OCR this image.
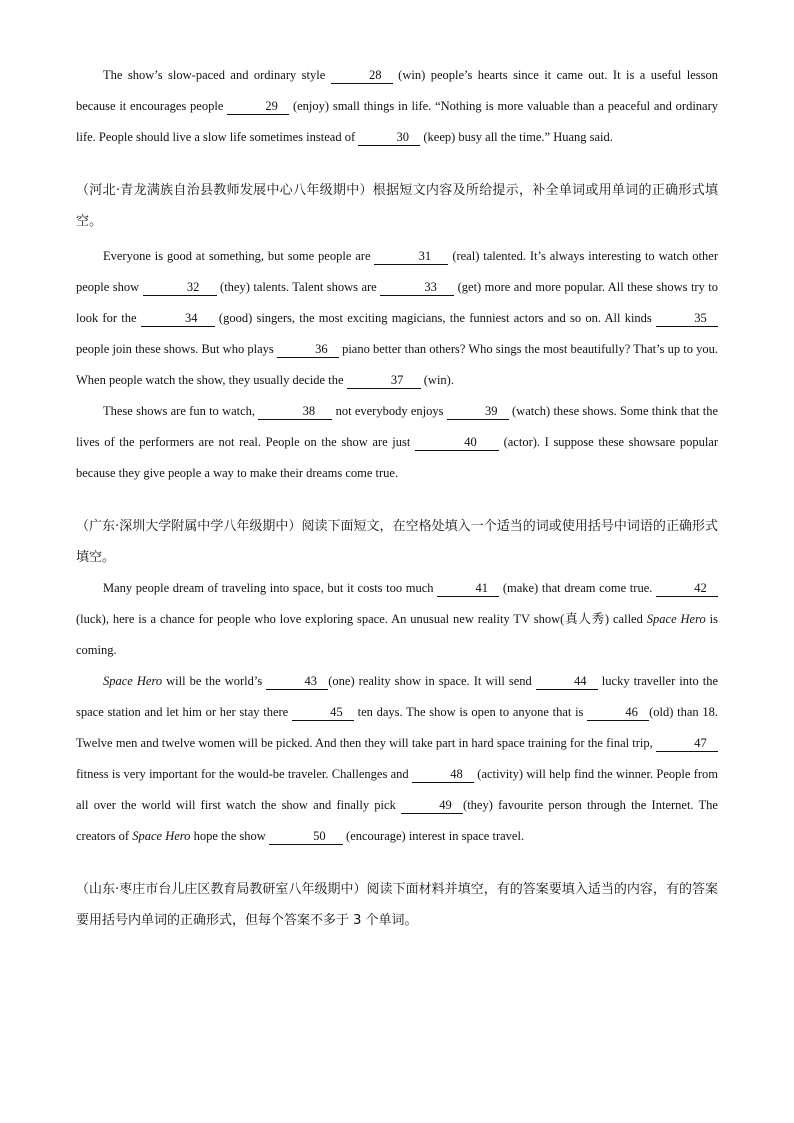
The show’s slow-paced and ordinary style	28 (win) people’s hearts since it came out. It is a useful lesson because it encourages people	29 (enjoy) small things in life. “Nothing is more valuable than a peaceful and ordinary life. People should live a slow life sometimes instead of	30 (keep) busy all the time.” Huang said.

（河北·青龙满族自治县教师发展中心八年级期中）根据短文内容及所给提示，补全单词或用单词的正确形式填空。

Everyone is good at something, but some people are	31 (real) talented. It’s always interesting to watch other people show	32 (they) talents. Talent shows are	33 (get) more and more popular. All these shows try to look for the	34 (good) singers, the most exciting magicians, the funniest actors and so on. All kinds	35 people join these shows. But who plays	36 piano better than others? Who sings the most beautifully? That’s up to you. When people watch the show, they usually decide the	37 (win).

These shows are fun to watch,	38 not everybody enjoys	39 (watch) these shows. Some think that the lives of the performers are not real. People on the show are just	40 (actor). I suppose these showsare popular because they give people a way to make their dreams come true.

（广东·深圳大学附属中学八年级期中）阅读下面短文，在空格处填入一个适当的词或使用括号中词语的正确形式填空。

Many people dream of traveling into space, but it costs too much	41 (make) that dream come true.	42(luck), here is a chance for people who love exploring space. An unusual new reality TV show(真人秀) called Space Hero is coming.

Space Hero will be the world’s	43 (one) reality show in space. It will send	44 lucky traveller into the space station and let him or her stay there	45 ten days. The show is open to anyone that is	46 (old) than 18. Twelve men and twelve women will be picked. And then they will take part in hard space training for the final trip,	47 fitness is very important for the would-be traveler. Challenges and	48 (activity) will help find the winner. People from all over the world will first watch the show and finally pick	49 (they) favourite person through the Internet. The creators of Space Hero hope the show	50 (encourage) interest in space travel.

（山东·枣庄市台儿庄区教育局教研室八年级期中）阅读下面材料并填空，有的答案要填入适当的内容，有的答案要用括号内单词的正确形式，但每个答案不多于 3 个单词。
